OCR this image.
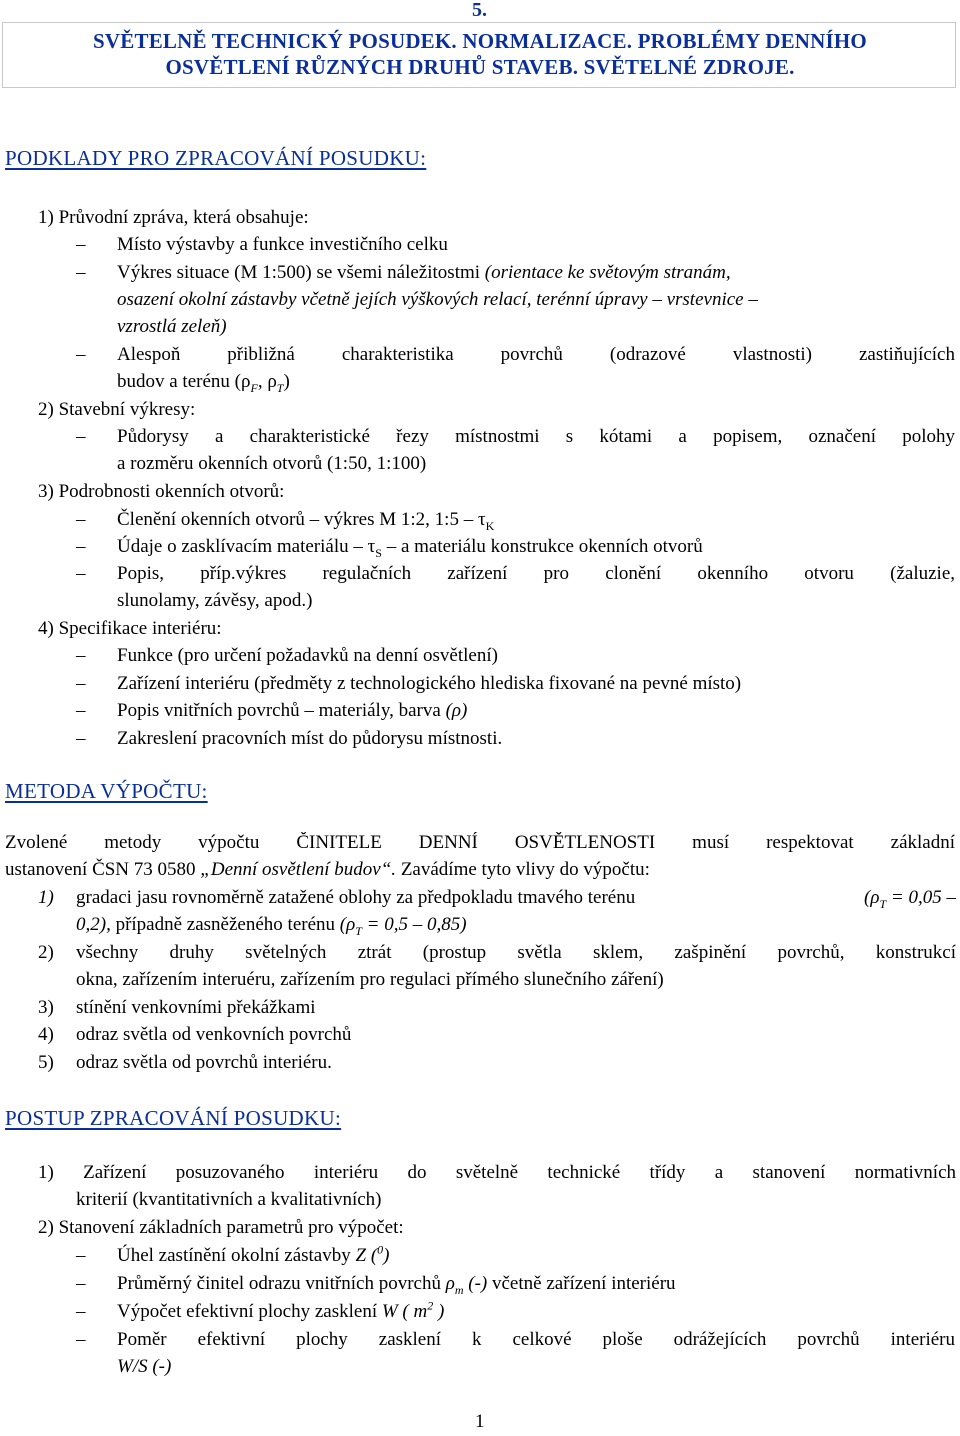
5.
SVĚTELNĚ TECHNICKÝ POSUDEK. NORMALIZACE. PROBLÉMY DENNÍHO
OSVĚTLENÍ RŮZNÝCH DRUHŮ STAVEB. SVĚTELNÉ ZDROJE.
PODKLADY PRO ZPRACOVÁNÍ POSUDKU:
1) Průvodní zpráva, která obsahuje:
– Místo výstavby a funkce investičního celku
– Výkres situace (M 1:500) se všemi náležitostmi (orientace ke světovým stranám,
osazení okolní zástavby včetně jejích výškových relací, terénní úpravy – vrstevnice –
vzrostlá zeleň)
– Alespoň přibližná charakteristika povrchů (odrazové vlastnosti) zastiňujících
budov a terénu ($\rho_F$, $\rho_T$)
2) Stavební výkresy:
– Půdorysy a charakteristické řezy místnostmi s kótami a popisem, označení polohy
a rozměru okenních otvorů (1:50, 1:100)
3) Podrobnosti okenních otvorů:
– Členění okenních otvorů – výkres M 1:2, 1:5 – $\tau_K$
– Údaje o zasklívacím materiálu – $\tau_S$ – a materiálu konstrukce okenních otvorů
– Popis, příp.výkres regulačních zařízení pro clonění okenního otvoru (žaluzie,
slunolamy, závěsy, apod.)
4) Specifikace interiéru:
– Funkce (pro určení požadavků na denní osvětlení)
– Zařízení interiéru (předměty z technologického hlediska fixované na pevné místo)
– Popis vnitřních povrchů – materiály, barva (ρ)
– Zakreslení pracovních míst do půdorysu místnosti.
METODA VÝPOČTU:
Zvolené metody výpočtu ČINITELE DENNÍ OSVĚTLENOSTI musí respektovat základní
ustanovení ČSN 73 0580 „Denní osvětlení budov“. Zavádíme tyto vlivy do výpočtu:
1) gradaci jasu rovnoměrně zatažené oblohy za předpokladu tmavého terénu	($\rho_T = 0,05$ –
0,2), případně zasněženého terénu $(\rho_T = 0,5 - 0,85)$
2) všechny druhy světelných ztrát (prostup světla sklem, zašpinění povrchů, konstrukcí
okna, zařízením interuéru, zařízením pro regulaci přímého slunečního záření)
3) stínění venkovními překážkami
4) odraz světla od venkovních povrchů
5) odraz světla od povrchů interiéru.
POSTUP ZPRACOVÁNÍ POSUDKU:
1) Zařízení posuzovaného interiéru do světelně technické třídy a stanovení normativních
kriterií (kvantitativních a kvalitativních)
2) Stanovení základních parametrů pro výpočet:
– Úhel zastínění okolní zástavby Z ($^0$)
– Průměrný činitel odrazu vnitřních povrchů $\rho_m$ (-) včetně zařízení interiéru
– Výpočet efektivní plochy zasklení W ( $m^2$ )
– Poměr efektivní plochy zasklení k celkové ploše odrážejících povrchů interiéru
W/S (-)
1
